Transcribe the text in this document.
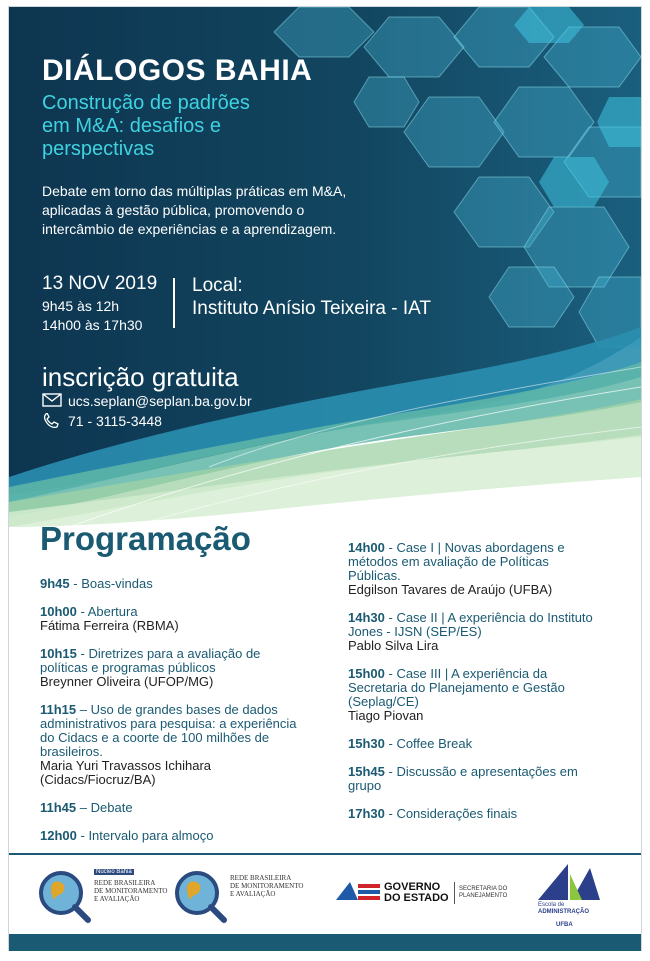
DIÁLOGOS BAHIA
Construção de padrões
em M&A: desafios e
perspectivas
Debate em torno das múltiplas práticas em M&A,
aplicadas à gestão pública, promovendo o
intercâmbio de experiências e a aprendizagem.
13 NOV 2019
9h45 às 12h
14h00 às 17h30
Local:
Instituto Anísio Teixeira - IAT
inscrição gratuita
ucs.seplan@seplan.ba.gov.br
71 - 3115-3448
Programação
9h45 - Boas-vindas
10h00 - Abertura
Fátima Ferreira (RBMA)
10h15 - Diretrizes para a avaliação de
políticas e programas públicos
Breynner Oliveira (UFOP/MG)
11h15 – Uso de grandes bases de dados
administrativos para pesquisa: a experiência
do Cidacs e a coorte de 100 milhões de
brasileiros.
Maria Yuri Travassos Ichihara
(Cidacs/Fiocruz/BA)
11h45 – Debate
12h00 - Intervalo para almoço
14h00 - Case I | Novas abordagens e
métodos em avaliação de Políticas
Públicas.
Edgilson Tavares de Araújo (UFBA)
14h30 - Case II | A experiência do Instituto
Jones - IJSN (SEP/ES)
Pablo Silva Lira
15h00 - Case III | A experiência da
Secretaria do Planejamento e Gestão
(Seplag/CE)
Tiago Piovan
15h30 - Coffee Break
15h45 - Discussão e apresentações em
grupo
17h30 - Considerações finais
Núcleo Bahia
REDE BRASILEIRA
DE MONITORAMENTO
E AVALIAÇÃO
REDE BRASILEIRA
DE MONITORAMENTO
E AVALIAÇÃO
GOVERNO
DO ESTADO
SECRETARIA DO
PLANEJAMENTO
Escola de
ADMINISTRAÇÃO
UFBA
